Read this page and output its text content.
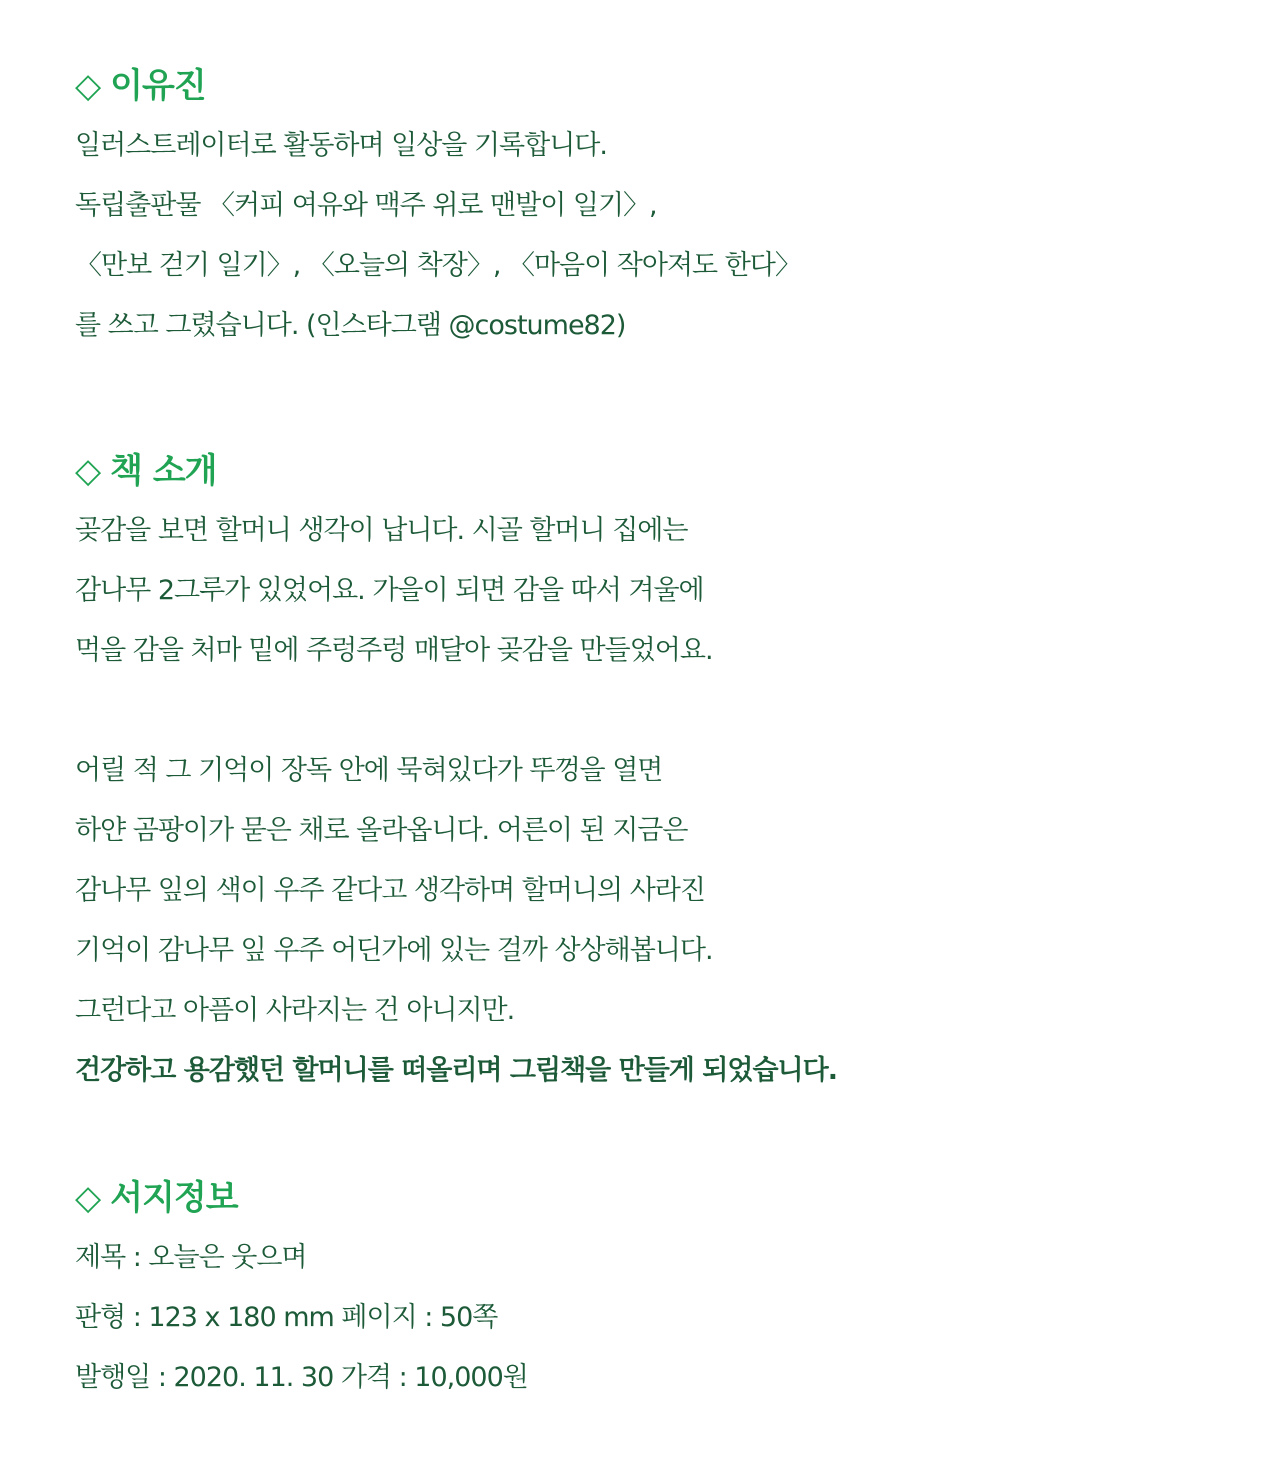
◇ 이유진
일러스트레이터로 활동하며 일상을 기록합니다.
독립출판물 〈커피 여유와 맥주 위로 맨발이 일기〉,
〈만보 걷기 일기〉, 〈오늘의 착장〉, 〈마음이 작아져도 한다〉
를 쓰고 그렸습니다. (인스타그램 @costume82)
◇ 책 소개
곶감을 보면 할머니 생각이 납니다. 시골 할머니 집에는
감나무 2그루가 있었어요. 가을이 되면 감을 따서 겨울에
먹을 감을 처마 밑에 주렁주렁 매달아 곶감을 만들었어요.
어릴 적 그 기억이 장독 안에 묵혀있다가 뚜껑을 열면
하얀 곰팡이가 묻은 채로 올라옵니다. 어른이 된 지금은
감나무 잎의 색이 우주 같다고 생각하며 할머니의 사라진
기억이 감나무 잎 우주 어딘가에 있는 걸까 상상해봅니다.
그런다고 아픔이 사라지는 건 아니지만.
건강하고 용감했던 할머니를 떠올리며 그림책을 만들게 되었습니다.
◇ 서지정보
제목 : 오늘은 웃으며
판형 : 123 x 180 mm 페이지 : 50쪽
발행일 : 2020. 11. 30 가격 : 10,000원
